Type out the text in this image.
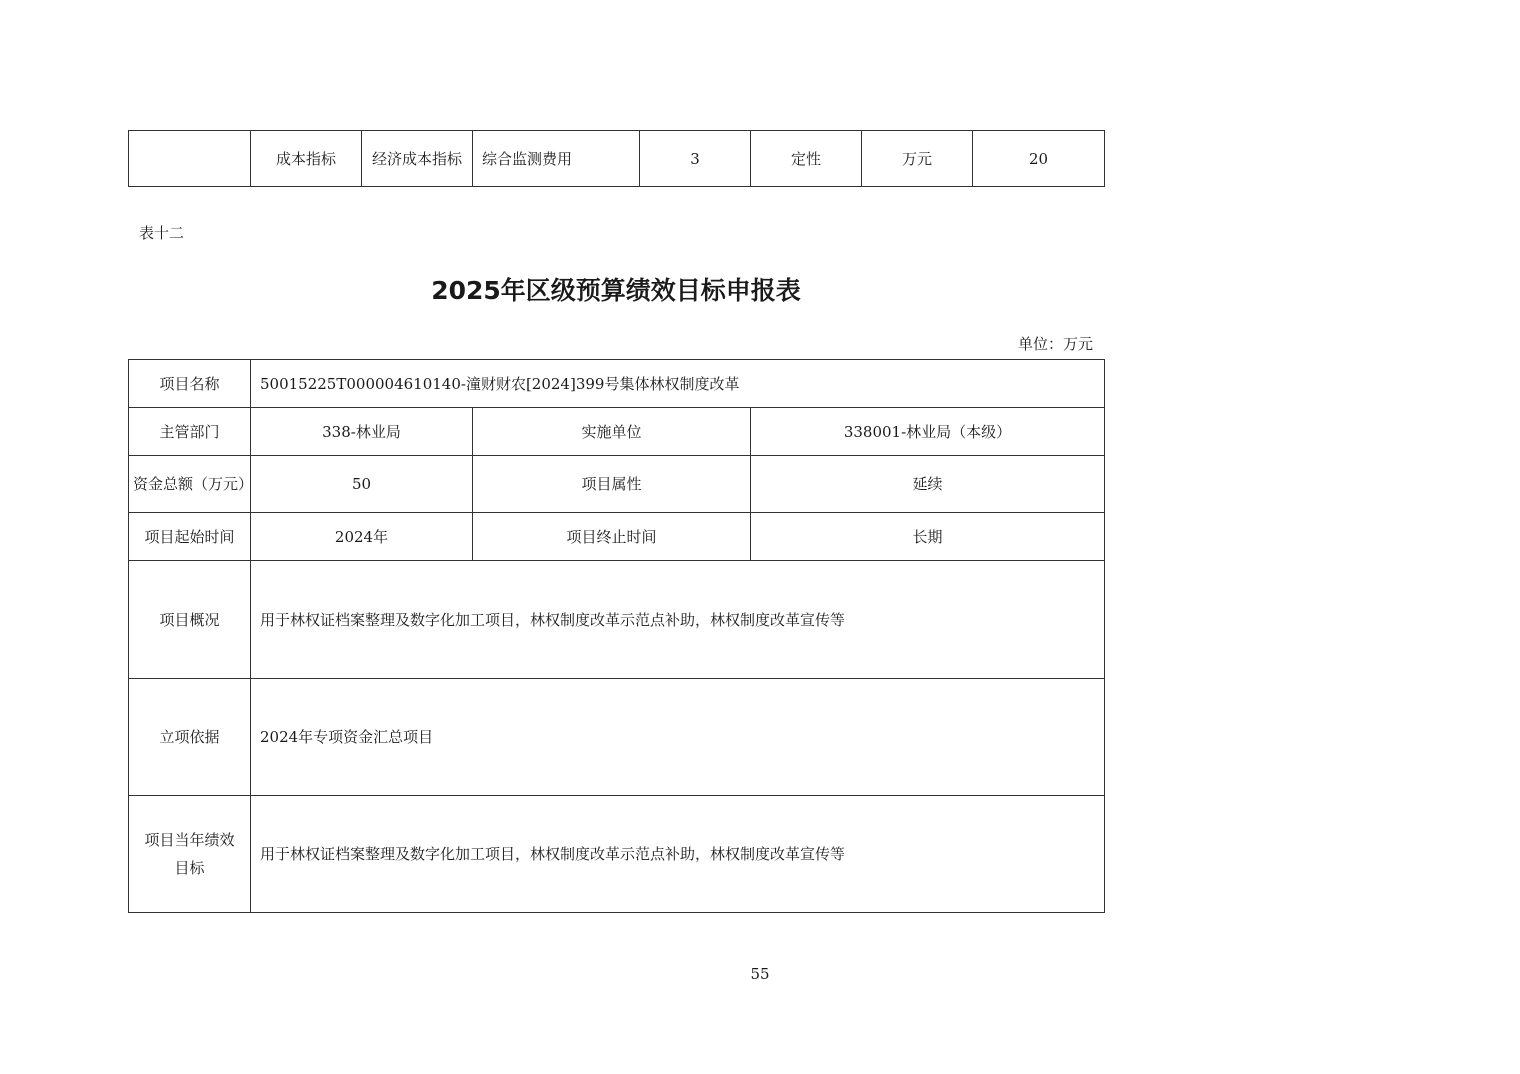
	成本指标	经济成本指标	综合监测费用	3	定性	万元	20
表十二
2025年区级预算绩效目标申报表
单位：万元
项目名称	50015225T000004610140-潼财财农[2024]399号集体林权制度改革		
主管部门	338-林业局	实施单位	338001-林业局（本级）
资金总额（万元）	50	项目属性	延续
项目起始时间	2024年	项目终止时间	长期
项目概况	用于林权证档案整理及数字化加工项目，林权制度改革示范点补助，林权制度改革宣传等		
立项依据	2024年专项资金汇总项目		
项目当年绩效目标	用于林权证档案整理及数字化加工项目，林权制度改革示范点补助，林权制度改革宣传等		
55
